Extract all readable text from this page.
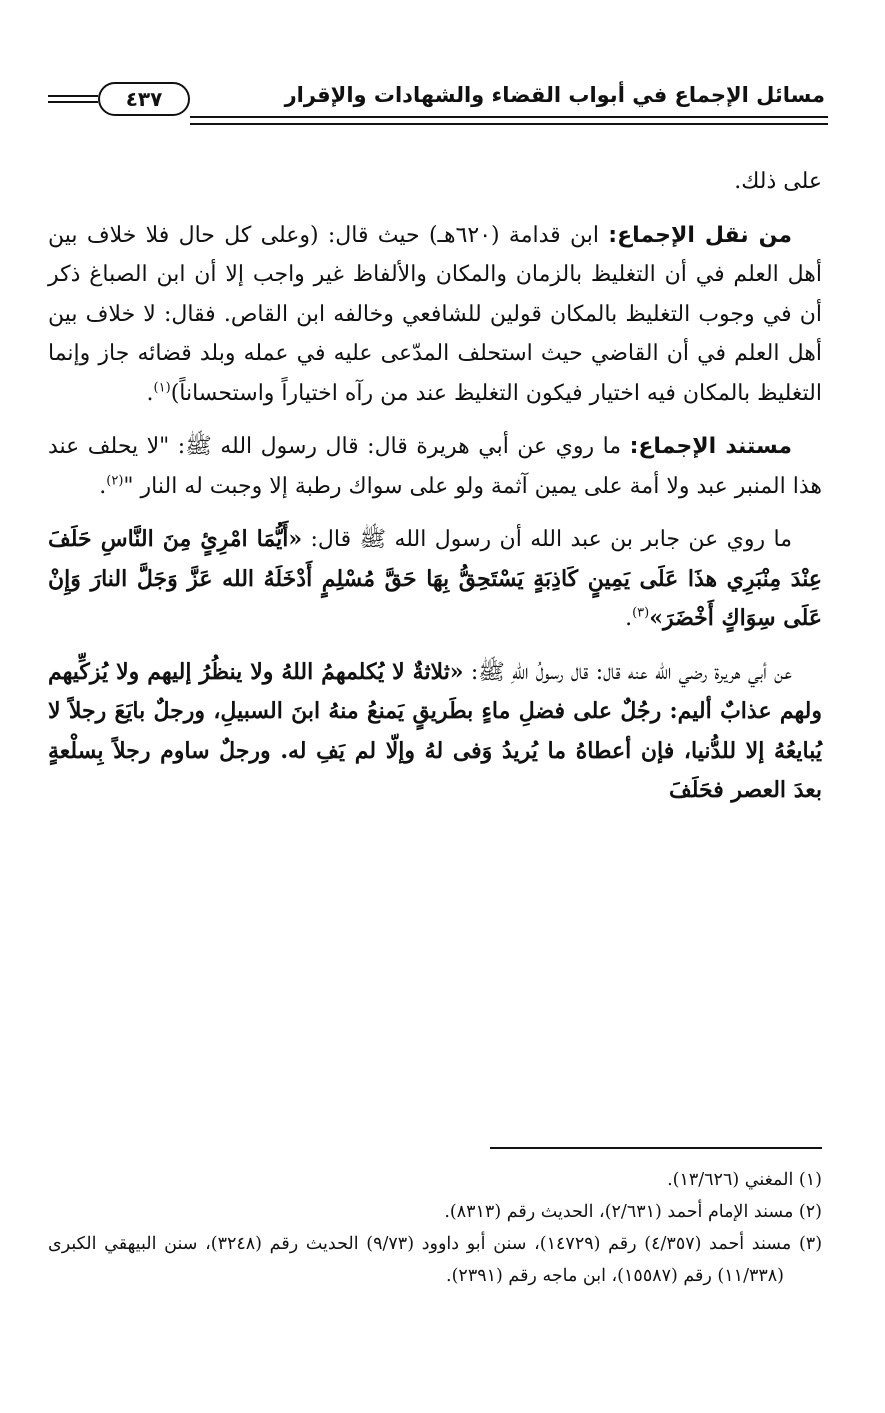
مسائل الإجماع في أبواب القضاء والشهادات والإقرار
٤٣٧

على ذلك.

من نقل الإجماع: ابن قدامة (٦٢٠هـ) حيث قال: (وعلى كل حال فلا خلاف بين أهل العلم في أن التغليظ بالزمان والمكان والألفاظ غير واجب إلا أن ابن الصباغ ذكر أن في وجوب التغليظ بالمكان قولين للشافعي وخالفه ابن القاص. فقال: لا خلاف بين أهل العلم في أن القاضي حيث استحلف المدّعى عليه في عمله وبلد قضائه جاز وإنما التغليظ بالمكان فيه اختيار فيكون التغليظ عند من رآه اختياراً واستحساناً)$^{(١)}$.

مستند الإجماع: ما روي عن أبي هريرة قال: قال رسول الله ﷺ: "لا يحلف عند هذا المنبر عبد ولا أمة على يمين آثمة ولو على سواك رطبة إلا وجبت له النار "$^{(٢)}$.

ما روي عن جابر بن عبد الله أن رسول الله ﷺ قال: «أَيُّمَا امْرِئٍ مِنَ النَّاسِ حَلَفَ عِنْدَ مِنْبَرِي هذَا عَلَى يَمِينٍ كَاذِبَةٍ يَسْتَحِقُّ بِهَا حَقَّ مُسْلِمٍ أَدْخَلَهُ الله عَزَّ وَجَلَّ النارَ وَإِنْ عَلَى سِوَاكٍ أَخْضَرَ»$^{(٣)}$.

عن أبي هريرة رضي الله عنه قال: قال رسولُ اللهِ ﷺ: «ثلاثةٌ لا يُكلمهمُ اللهُ ولا ينظُرُ إليهم ولا يُزكِّيهم ولهم عذابٌ أليم: رجُلٌ على فضلِ ماءٍ بطَريقٍ يَمنعُ منهُ ابنَ السبيلِ، ورجلٌ بايَعَ رجلاً لا يُبايعُهُ إلا للدُّنيا، فإن أعطاهُ ما يُريدُ وَفى لهُ وإلّا لم يَفِ له. ورجلٌ ساوم رجلاً بِسلْعةٍ بعدَ العصر فحَلَفَ

(١) المغني (١٣/٦٢٦).

(٢) مسند الإمام أحمد (٢/٦٣١)، الحديث رقم (٨٣١٣).

(٣) مسند أحمد (٤/٣٥٧) رقم (١٤٧٢٩)، سنن أبو داوود (٩/٧٣) الحديث رقم (٣٢٤٨)، سنن البيهقي الكبرى (١١/٣٣٨) رقم (١٥٥٨٧)، ابن ماجه رقم (٢٣٩١).
